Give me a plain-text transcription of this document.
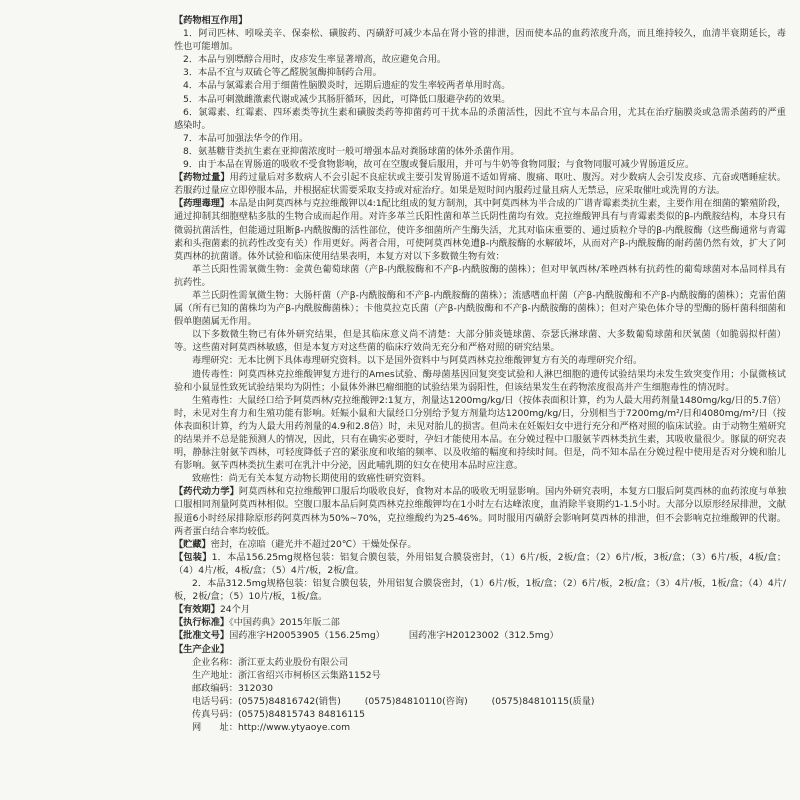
【药物相互作用】

1．阿司匹林、吲哚美辛、保泰松、磺胺药、丙磺舒可减少本品在肾小管的排泄，因而使本品的血药浓度升高，而且维持较久，血清半衰期延长，毒性也可能增加。

2．本品与别嘌醇合用时，皮疹发生率显著增高，故应避免合用。

3．本品不宜与双硫仑等乙醛脱氢酶抑制药合用。

4．本品与氯霉素合用于细菌性脑膜炎时，远期后遗症的发生率较两者单用时高。

5．本品可刺激雌激素代谢或减少其肠肝循环，因此，可降低口服避孕药的效果。

6．氯霉素、红霉素、四环素类等抗生素和磺胺类药等抑菌药可干扰本品的杀菌活性，因此不宜与本品合用，尤其在治疗脑膜炎或急需杀菌药的严重感染时。

7．本品可加强法华令的作用。

8．氨基糖苷类抗生素在亚抑菌浓度时一般可增强本品对粪肠球菌的体外杀菌作用。

9．由于本品在胃肠道的吸收不受食物影响，故可在空腹或餐后服用，并可与牛奶等食物同服；与食物同服可减少胃肠道反应。

【药物过量】用药过量后对多数病人不会引起不良症状或主要引发胃肠道不适如胃痛、腹痛、呕吐、腹泻。对少数病人会引发皮疹、亢奋或嗜睡症状。若服药过量应立即停服本品，并根据症状需要采取支持或对症治疗。如果是短时间内服药过量且病人无禁忌，应采取催吐或洗胃的方法。

【药理毒理】本品是由阿莫西林与克拉维酸钾以4:1配比组成的复方制剂，其中阿莫西林为半合成的广谱青霉素类抗生素，主要作用在细菌的繁殖阶段，通过抑制其细胞壁粘多肽的生物合成而起作用。对许多革兰氏阳性菌和革兰氏阴性菌均有效。克拉维酸钾具有与青霉素类似的β-内酰胺结构，本身只有微弱抗菌活性，但能通过阻断β-内酰胺酶的活性部位，使许多细菌所产生酶失活，尤其对临床重要的、通过质粒介导的β-内酰胺酶（这些酶通常与青霉素和头孢菌素的抗药性改变有关）作用更好。两者合用，可使阿莫西林免遭β-内酰胺酶的水解破坏，从而对产β-内酰胺酶的耐药菌仍然有效，扩大了阿莫西林的抗菌谱。体外试验和临床使用结果表明，本复方对以下多数微生物有效：

革兰氏阳性需氧微生物：金黄色葡萄球菌（产β-内酰胺酶和不产β-内酰胺酶的菌株）；但对甲氧西林/苯唑西林有抗药性的葡萄球菌对本品同样具有抗药性。

革兰氏阴性需氧微生物：大肠杆菌（产β-内酰胺酶和不产β-内酰胺酶的菌株）；流感嗜血杆菌（产β-内酰胺酶和不产β-内酰胺酶的菌株）；克雷伯菌属（所有已知的菌株均为产β-内酰胺酶菌株）；卡他莫拉克氏菌（产β-内酰胺酶和不产β-内酰胺酶的菌株）；但对产染色体介导的型酶的肠杆菌科细菌和假单胞菌属无作用。

以下多数微生物已有体外研究结果，但是其临床意义尚不清楚：大部分肺炎链球菌、奈瑟氏淋球菌、大多数葡萄球菌和厌氧菌（如脆弱拟杆菌）等。这些菌对阿莫西林敏感，但是本复方对这些菌的临床疗效尚无充分和严格对照的研究结果。

毒理研究：无本比例下具体毒理研究资料。以下是国外资料中与阿莫西林克拉维酸钾复方有关的毒理研究介绍。

遗传毒性：阿莫西林克拉维酸钾复方进行的Ames试验、酶母菌基因回复突变试验和人淋巴细胞的遗传试验结果均未发生致突变作用；小鼠微核试验和小鼠显性致死试验结果均为阴性；小鼠体外淋巴瘤细胞的试验结果为弱阳性，但该结果发生在药物浓度很高并产生细胞毒性的情况时。

生殖毒性：大鼠经口给予阿莫西林/克拉维酸钾2:1复方，剂量达1200mg/kg/日（按体表面积计算，约为人最大用药剂量1480mg/kg/日的5.7倍）时，未见对生育力和生殖功能有影响。妊娠小鼠和大鼠经口分别给予复方剂量均达1200mg/kg/日，分别相当于7200mg/m²/日和4080mg/m²/日（按体表面积计算，约为人最大用药剂量的4.9和2.8倍）时，未见对胎儿的损害。但尚未在妊娠妇女中进行充分和严格对照的临床试验。由于动物生殖研究的结果并不总是能预测人的情况，因此，只有在确实必要时，孕妇才能使用本品。在分娩过程中口服氨苄西林类抗生素，其吸收量很少。豚鼠的研究表明，静脉注射氨苄西林，可轻度降低子宫的紧张度和收缩的频率、以及收缩的幅度和持续时间。但是，尚不知本品在分娩过程中使用是否对分娩和胎儿有影响。氨苄西林类抗生素可在乳汁中分泌，因此哺乳期的妇女在使用本品时应注意。

致癌性：尚无有关本复方动物长期使用的致癌性研究资料。

【药代动力学】阿莫西林和克拉维酸钾口服后均吸收良好，食物对本品的吸收无明显影响。国内外研究表明，本复方口服后阿莫西林的血药浓度与单独口服相同剂量阿莫西林相似。空腹口服本品后阿莫西林克拉维酸钾均在1小时左右达峰浓度，血消除半衰期约1-1.5小时。大部分以原形经尿排泄，文献报道6小时经尿排除原形药阿莫西林为50%~70%，克拉维酸约为25-46%。同时服用丙磺舒会影响阿莫西林的排泄，但不会影响克拉维酸钾的代谢。两者蛋白结合率均较低。

【贮藏】密封，在凉暗（避光并不超过20℃）干燥处保存。

【包装】1．本品156.25mg规格包装：铝复合膜包装，外用铝复合膜袋密封，（1）6片/板，2板/盒；（2）6片/板，3板/盒；（3）6片/板，4板/盒；（4）4片/板，4板/盒；（5）4片/板，2板/盒。

2．本品312.5mg规格包装：铝复合膜包装，外用铝复合膜袋密封，（1）6片/板，1板/盒；（2）6片/板，2板/盒；（3）4片/板，1板/盒；（4）4片/板，2板/盒；（5）10片/板，1板/盒。

【有效期】24个月

【执行标准】《中国药典》2015年版二部

【批准文号】国药准字H20053905（156.25mg）	国药准字H20123002（312.5mg）

【生产企业】

企业名称：浙江亚太药业股份有限公司

生产地址：浙江省绍兴市柯桥区云集路1152号

邮政编码：312030

电话号码：(0575)84816742(销售)	(0575)84810110(咨询)	(0575)84810115(质量)

传真号码：(0575)84815743 84816115

网　　址：http://www.ytyaoye.com
